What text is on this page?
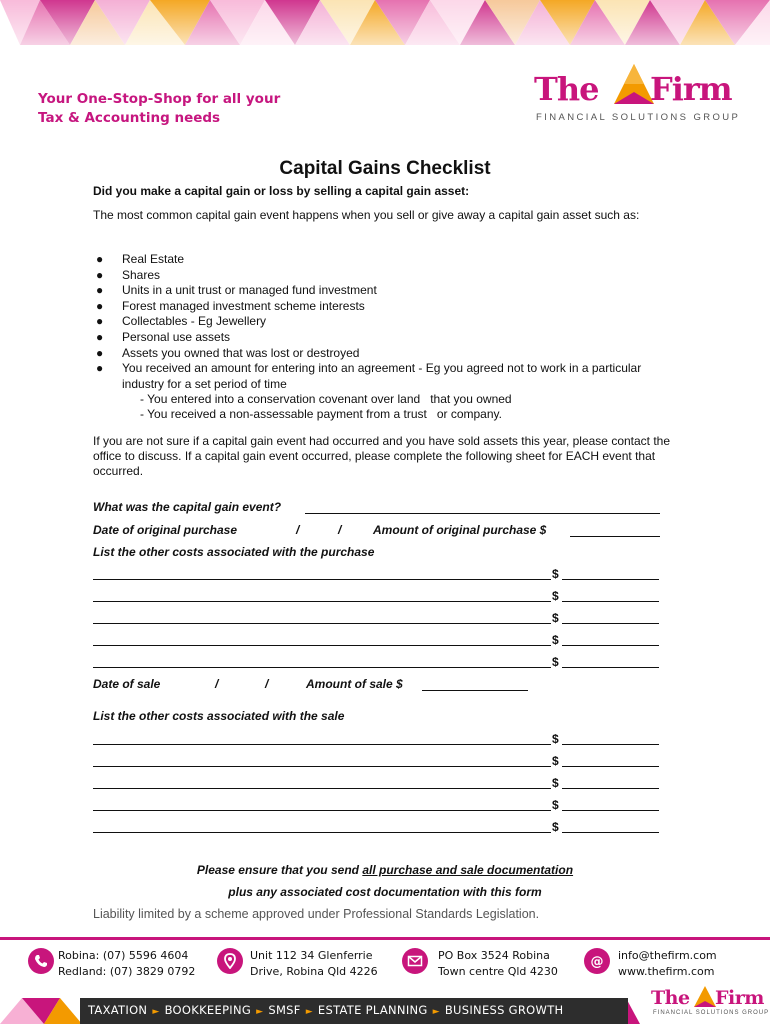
Your One-Stop-Shop for all your
Tax & Accounting needs
The Firm
FINANCIAL SOLUTIONS GROUP
Capital Gains Checklist
Did you make a capital gain or loss by selling a capital gain asset:
The most common capital gain event happens when you sell or give away a capital gain asset such as:
● Real Estate
● Shares
● Units in a unit trust or managed fund investment
● Forest managed investment scheme interests
● Collectables - Eg Jewellery
● Personal use assets
● Assets you owned that was lost or destroyed
● You received an amount for entering into an agreement - Eg you agreed not to work in a particular industry for a set period of time
- You entered into a conservation covenant over land   that you owned
- You received a non-assessable payment from a trust   or company.
If you are not sure if a capital gain event had occurred and you have sold assets this year, please contact the office to discuss. If a capital gain event occurred, please complete the following sheet for EACH event that occurred.
What was the capital gain event?
Date of original purchase	/	/	Amount of original purchase $
List the other costs associated with the purchase
$
$
$
$
$
Date of sale	/	/	Amount of sale $
List the other costs associated with the sale
$
$
$
$
$
Please ensure that you send all purchase and sale documentation
plus any associated cost documentation with this form
Liability limited by a scheme approved under Professional Standards Legislation.
Robina: (07) 5596 4604
Redland: (07) 3829 0792
Unit 112 34 Glenferrie
Drive, Robina Qld 4226
PO Box 3524 Robina
Town centre Qld 4230
@ info@thefirm.com
www.thefirm.com
TAXATION ► BOOKKEEPING ► SMSF ► ESTATE PLANNING ► BUSINESS GROWTH
The Firm
FINANCIAL SOLUTIONS GROUP
